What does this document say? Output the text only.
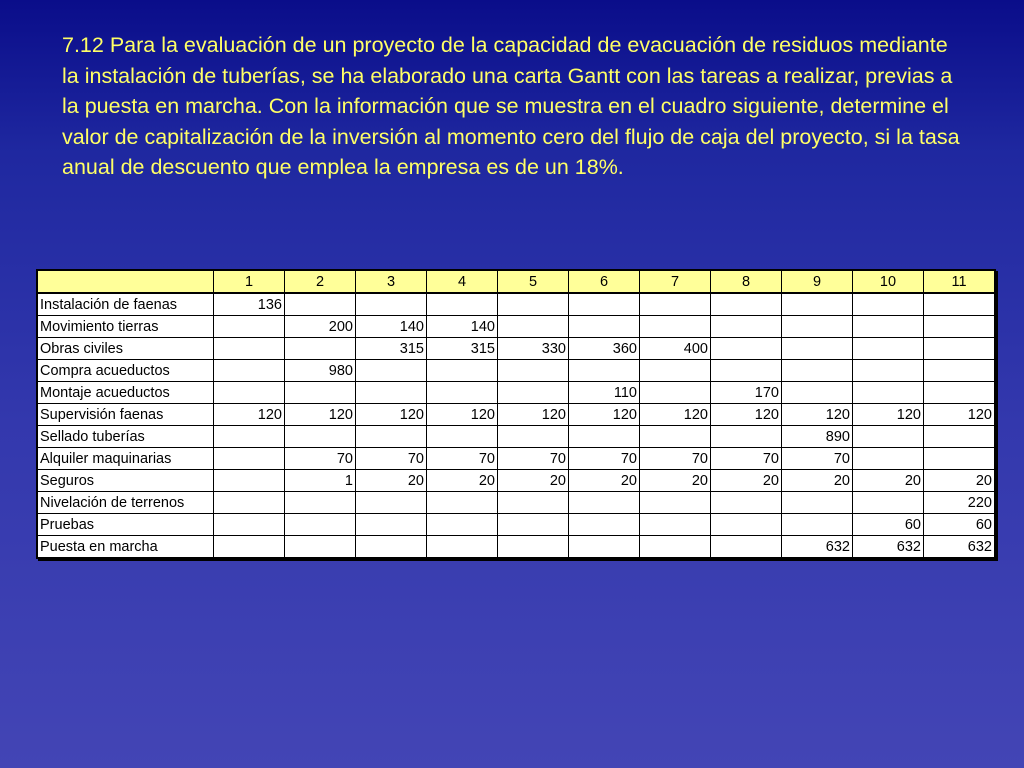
7.12 Para la evaluación de un proyecto de la capacidad de evacuación de residuos mediante la instalación de tuberías, se ha elaborado una carta Gantt con las tareas a realizar, previas a la puesta en marcha. Con la información que se muestra en el cuadro siguiente, determine el valor de capitalización de la inversión al momento cero del flujo de caja del proyecto, si la tasa anual de descuento que emplea la empresa es de un 18%.

	1	2	3	4	5	6	7	8	9	10	11
Instalación de faenas	136										
Movimiento tierras		200	140	140							
Obras civiles			315	315	330	360	400				
Compra acueductos		980									
Montaje acueductos						110		170			
Supervisión faenas	120	120	120	120	120	120	120	120	120	120	120
Sellado tuberías									890		
Alquiler maquinarias		70	70	70	70	70	70	70	70		
Seguros		1	20	20	20	20	20	20	20	20	20
Nivelación de terrenos											220
Pruebas										60	60
Puesta en marcha									632	632	632
